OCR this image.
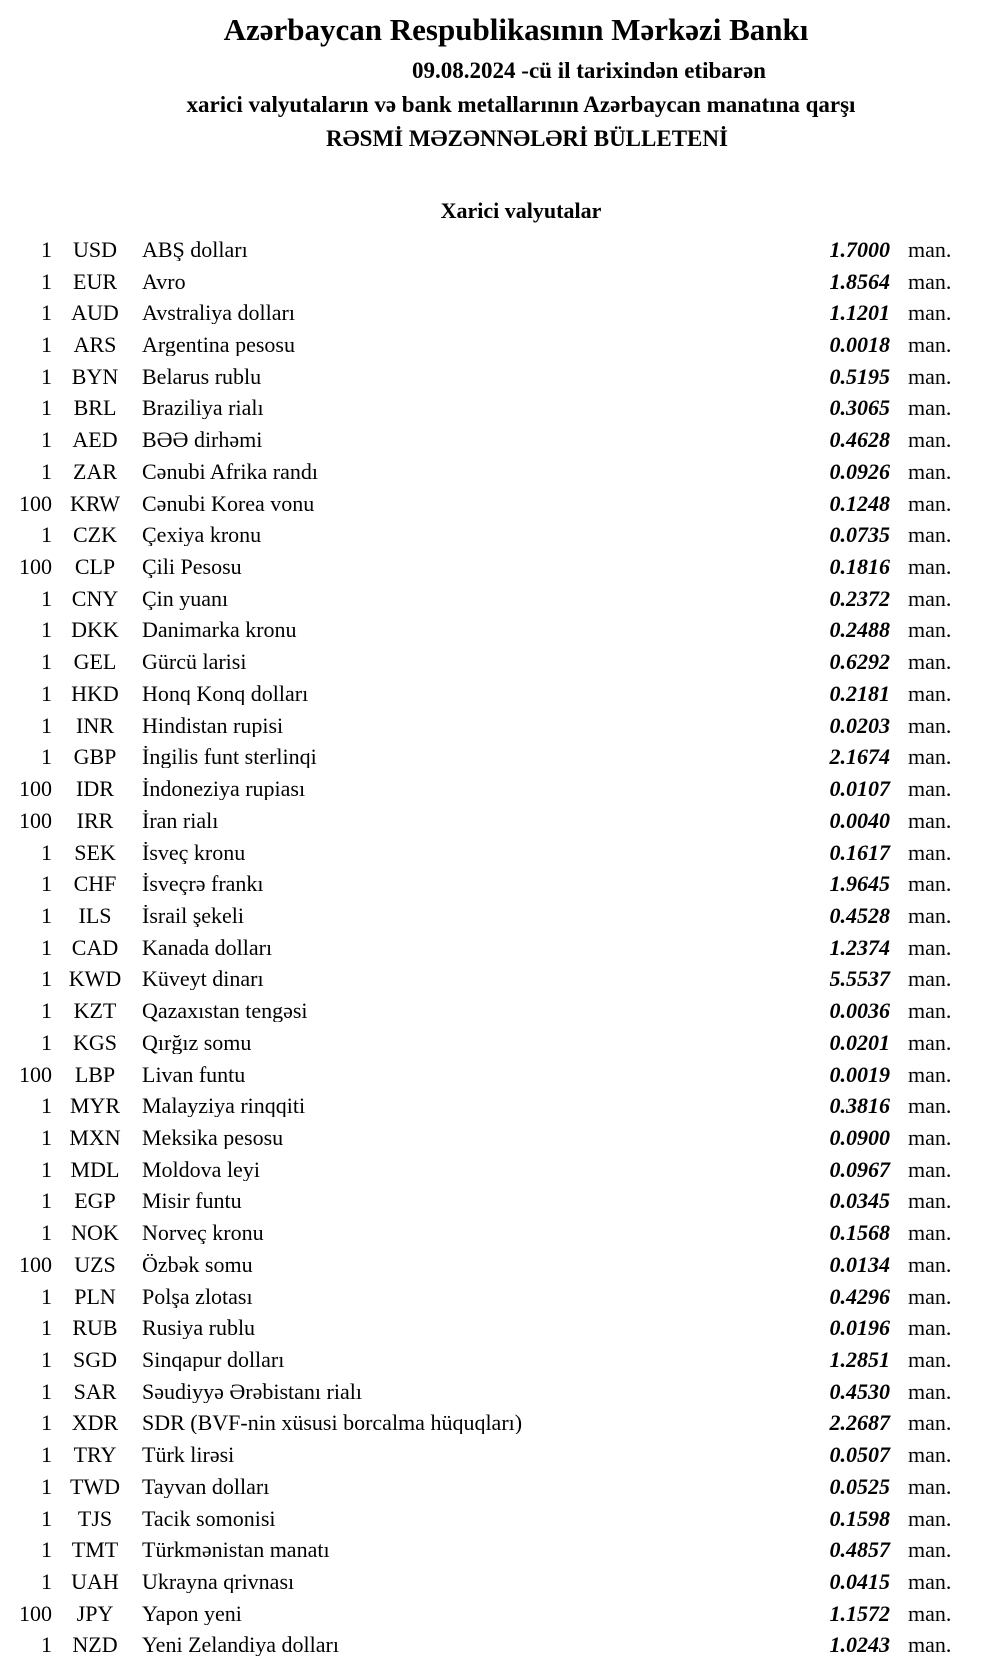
Azərbaycan Respublikasının Mərkəzi Bankı
09.08.2024 -cü il tarixindən etibarən
xarici valyutaların və bank metallarının Azərbaycan manatına qarşı
RƏSMİ MƏZƏNNƏLƏRİ BÜLLETENİ
Xarici valyutalar
1 USD	ABŞ dolları	1.7000 man.
1 EUR	Avro	1.8564 man.
1 AUD	Avstraliya dolları	1.1201 man.
1 ARS	Argentina pesosu	0.0018 man.
1 BYN	Belarus rublu	0.5195 man.
1 BRL	Braziliya rialı	0.3065 man.
1 AED	BƏƏ dirhəmi	0.4628 man.
1 ZAR	Cənubi Afrika randı	0.0926 man.
100 KRW Cənubi Korea vonu	0.1248 man.
1 CZK	Çexiya kronu	0.0735 man.
100	CLP	Çili Pesosu	0.1816 man.
1 CNY	Çin yuanı	0.2372 man.
1 DKK	Danimarka kronu	0.2488 man.
1 GEL	Gürcü larisi	0.6292 man.
1 HKD	Honq Konq dolları	0.2181 man.
1	INR	Hindistan rupisi	0.0203 man.
1 GBP	İngilis funt sterlinqi	2.1674 man.
100	IDR	İndoneziya rupiası	0.0107 man.
100	IRR	İran rialı	0.0040 man.
1	SEK	İsveç kronu	0.1617 man.
1 CHF	İsveçrə frankı	1.9645 man.
1	ILS	İsrail şekeli	0.4528 man.
1 CAD	Kanada dolları	1.2374 man.
1 KWD Küveyt dinarı	5.5537 man.
1 KZT	Qazaxıstan tengəsi	0.0036 man.
1 KGS	Qırğız somu	0.0201 man.
100	LBP	Livan funtu	0.0019 man.
1 MYR Malayziya rinqqiti	0.3816 man.
1 MXN Meksika pesosu	0.0900 man.
1 MDL	Moldova leyi	0.0967 man.
1	EGP	Misir funtu	0.0345 man.
1 NOK	Norveç kronu	0.1568 man.
100	UZS	Özbək somu	0.0134 man.
1	PLN	Polşa zlotası	0.4296 man.
1 RUB	Rusiya rublu	0.0196 man.
1 SGD	Sinqapur dolları	1.2851 man.
1 SAR	Səudiyyə Ərəbistanı rialı	0.4530 man.
1 XDR	SDR (BVF-nin xüsusi borcalma hüquqları)	2.2687 man.
1 TRY	Türk lirəsi	0.0507 man.
1 TWD Tayvan dolları	0.0525 man.
1	TJS	Tacik somonisi	0.1598 man.
1 TMT	Türkmənistan manatı	0.4857 man.
1 UAH	Ukrayna qrivnası	0.0415 man.
100	JPY	Yapon yeni	1.1572 man.
1 NZD	Yeni Zelandiya dolları	1.0243 man.
